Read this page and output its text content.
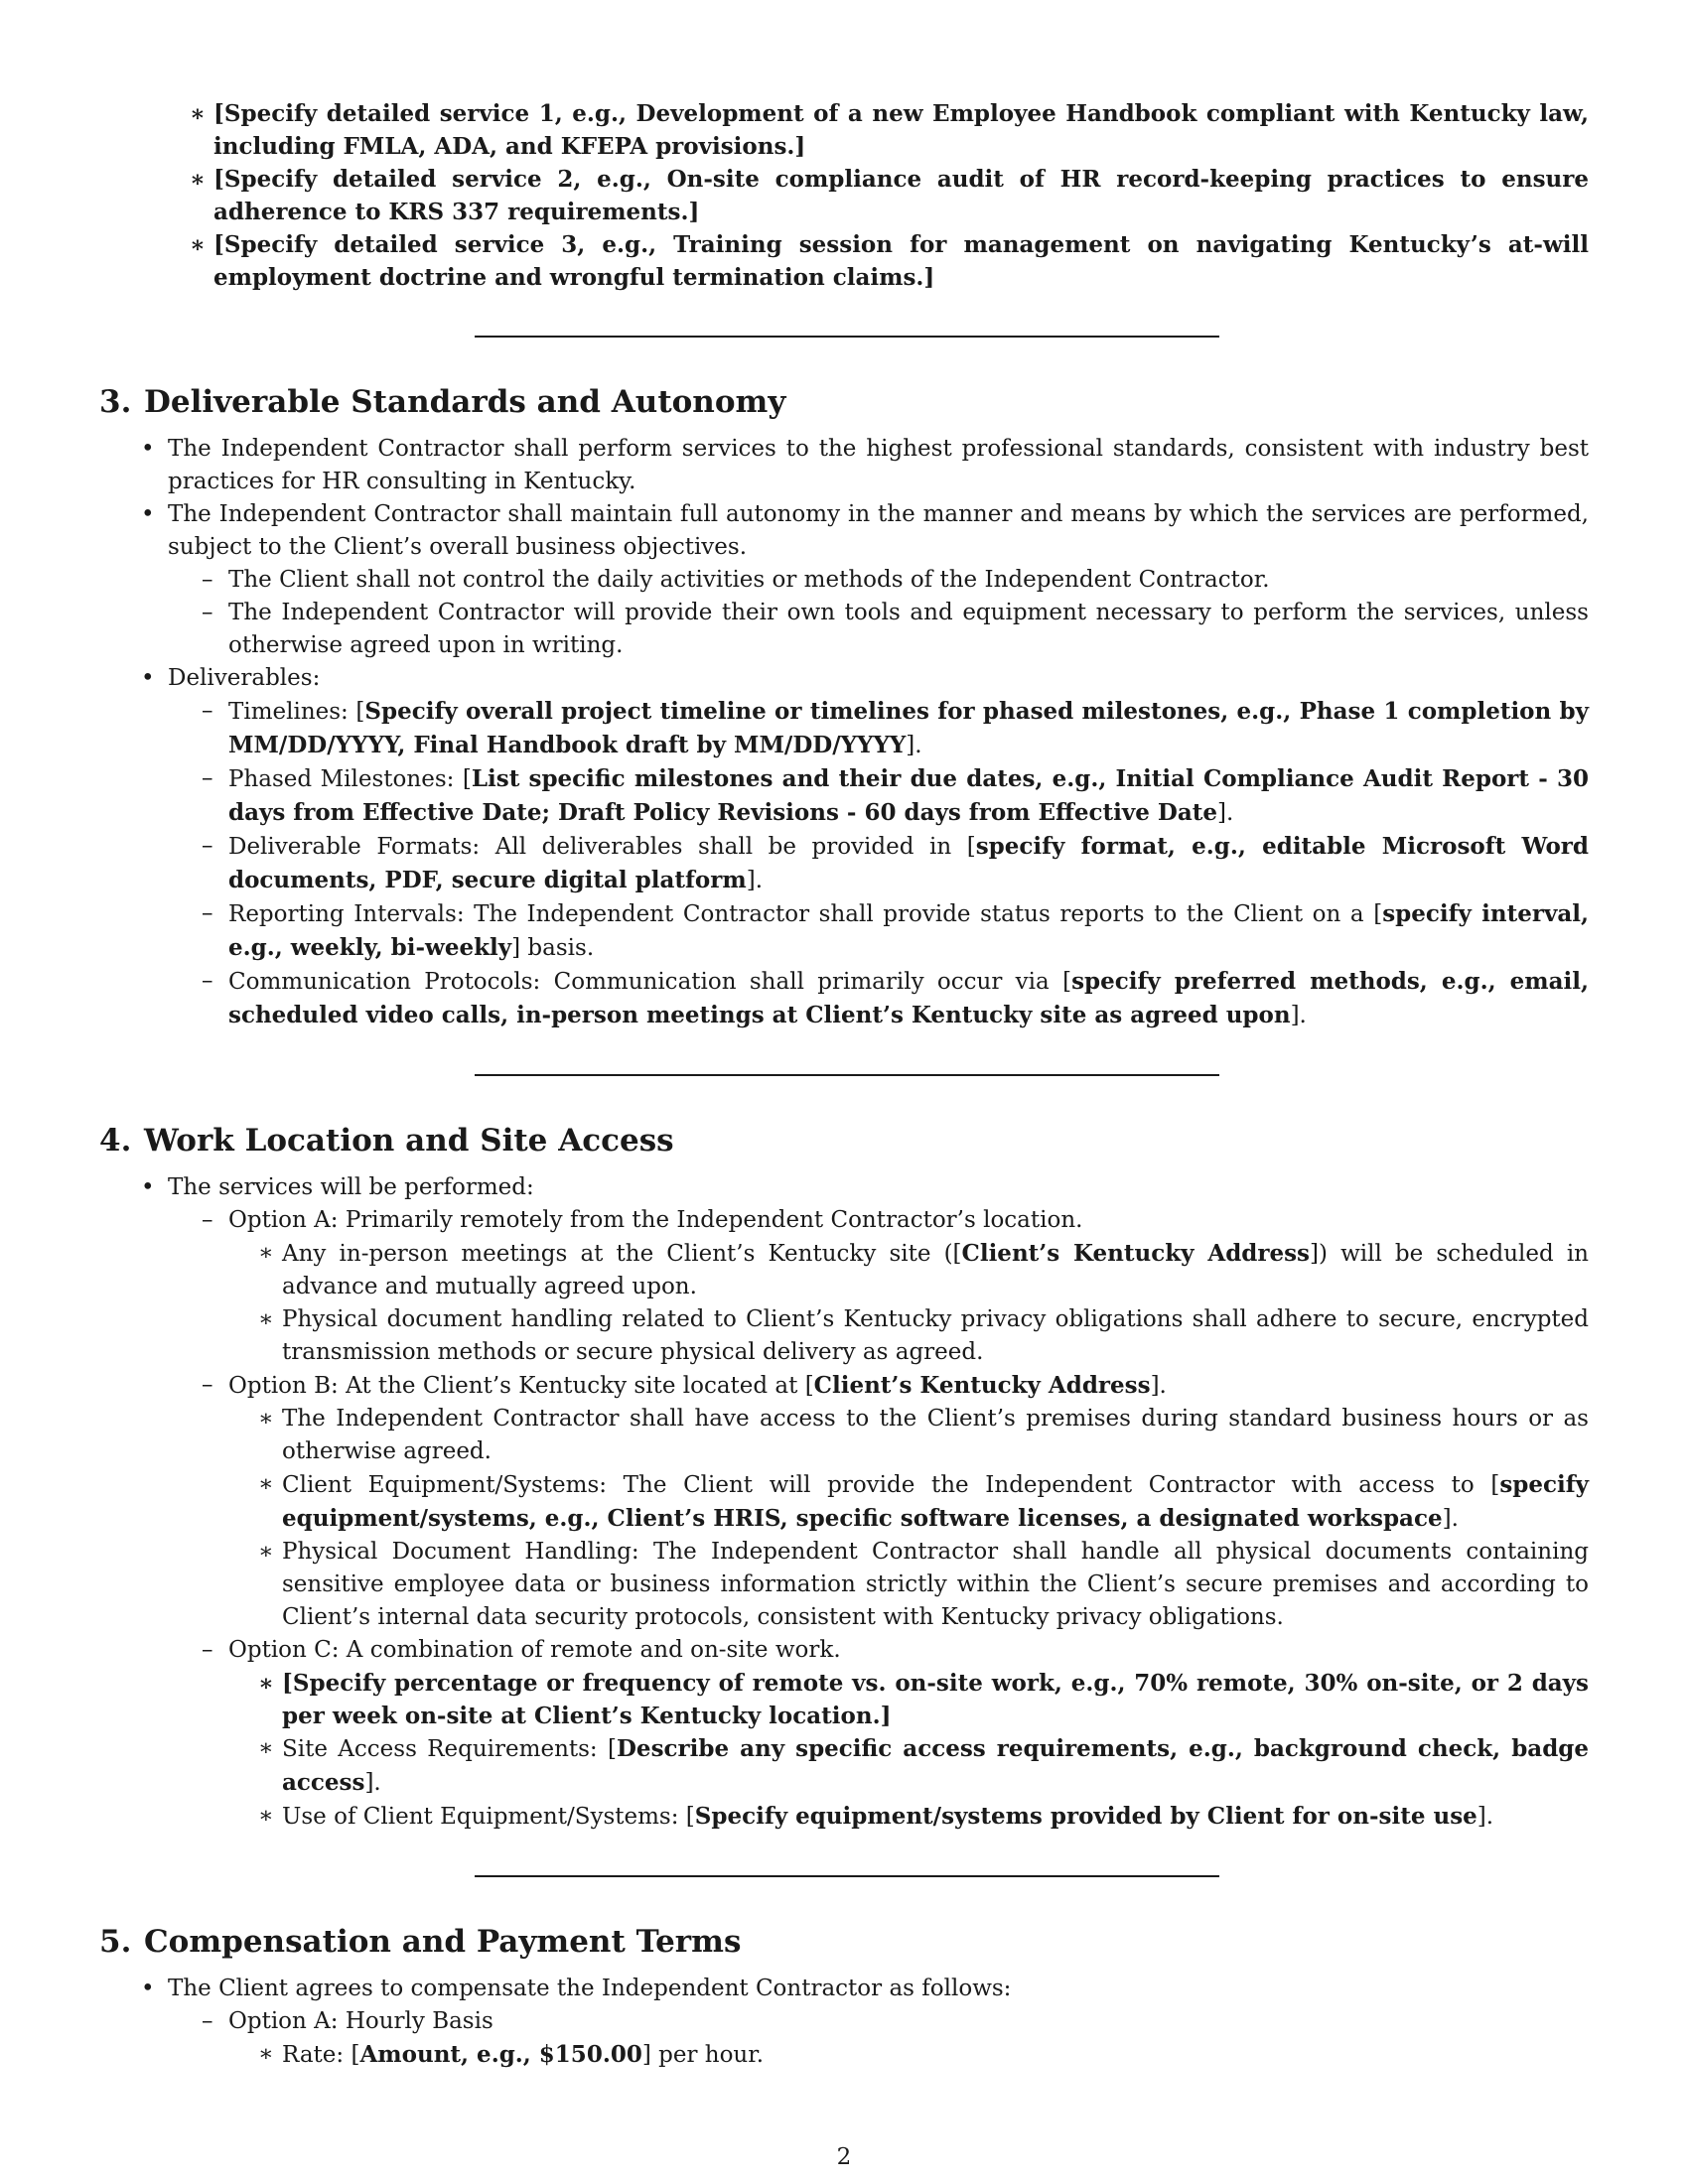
∗ [Specify detailed service 1, e.g., Development of a new Employee Handbook compliant with Kentucky law, including FMLA, ADA, and KFEPA provisions.]
∗ [Specify detailed service 2, e.g., On-site compliance audit of HR record-keeping practices to ensure adherence to KRS 337 requirements.]
∗ [Specify detailed service 3, e.g., Training session for management on navigating Kentucky’s at-will employment doctrine and wrongful termination claims.]
3. Deliverable Standards and Autonomy
• The Independent Contractor shall perform services to the highest professional standards, consistent with industry best practices for HR consulting in Kentucky.
• The Independent Contractor shall maintain full autonomy in the manner and means by which the services are performed, subject to the Client’s overall business objectives.
– The Client shall not control the daily activities or methods of the Independent Contractor.
– The Independent Contractor will provide their own tools and equipment necessary to perform the services, unless otherwise agreed upon in writing.
• Deliverables:
– Timelines: [Specify overall project timeline or timelines for phased milestones, e.g., Phase 1 completion by MM/DD/YYYY, Final Handbook draft by MM/DD/YYYY].
– Phased Milestones: [List specific milestones and their due dates, e.g., Initial Compliance Audit Report - 30 days from Effective Date; Draft Policy Revisions - 60 days from Effective Date].
– Deliverable Formats: All deliverables shall be provided in [specify format, e.g., editable Microsoft Word documents, PDF, secure digital platform].
– Reporting Intervals: The Independent Contractor shall provide status reports to the Client on a [specify interval, e.g., weekly, bi-weekly] basis.
– Communication Protocols: Communication shall primarily occur via [specify preferred methods, e.g., email, scheduled video calls, in-person meetings at Client’s Kentucky site as agreed upon].
4. Work Location and Site Access
• The services will be performed:
– Option A: Primarily remotely from the Independent Contractor’s location.
∗ Any in-person meetings at the Client’s Kentucky site ([Client’s Kentucky Address]) will be scheduled in advance and mutually agreed upon.
∗ Physical document handling related to Client’s Kentucky privacy obligations shall adhere to secure, encrypted transmission methods or secure physical delivery as agreed.
– Option B: At the Client’s Kentucky site located at [Client’s Kentucky Address].
∗ The Independent Contractor shall have access to the Client’s premises during standard business hours or as otherwise agreed.
∗ Client Equipment/Systems: The Client will provide the Independent Contractor with access to [specify equipment/systems, e.g., Client’s HRIS, specific software licenses, a designated workspace].
∗ Physical Document Handling: The Independent Contractor shall handle all physical documents containing sensitive employee data or business information strictly within the Client’s secure premises and according to Client’s internal data security protocols, consistent with Kentucky privacy obligations.
– Option C: A combination of remote and on-site work.
∗ [Specify percentage or frequency of remote vs. on-site work, e.g., 70% remote, 30% on-site, or 2 days per week on-site at Client’s Kentucky location.]
∗ Site Access Requirements: [Describe any specific access requirements, e.g., background check, badge access].
∗ Use of Client Equipment/Systems: [Specify equipment/systems provided by Client for on-site use].
5. Compensation and Payment Terms
• The Client agrees to compensate the Independent Contractor as follows:
– Option A: Hourly Basis
∗ Rate: [Amount, e.g., $150.00] per hour.
2
